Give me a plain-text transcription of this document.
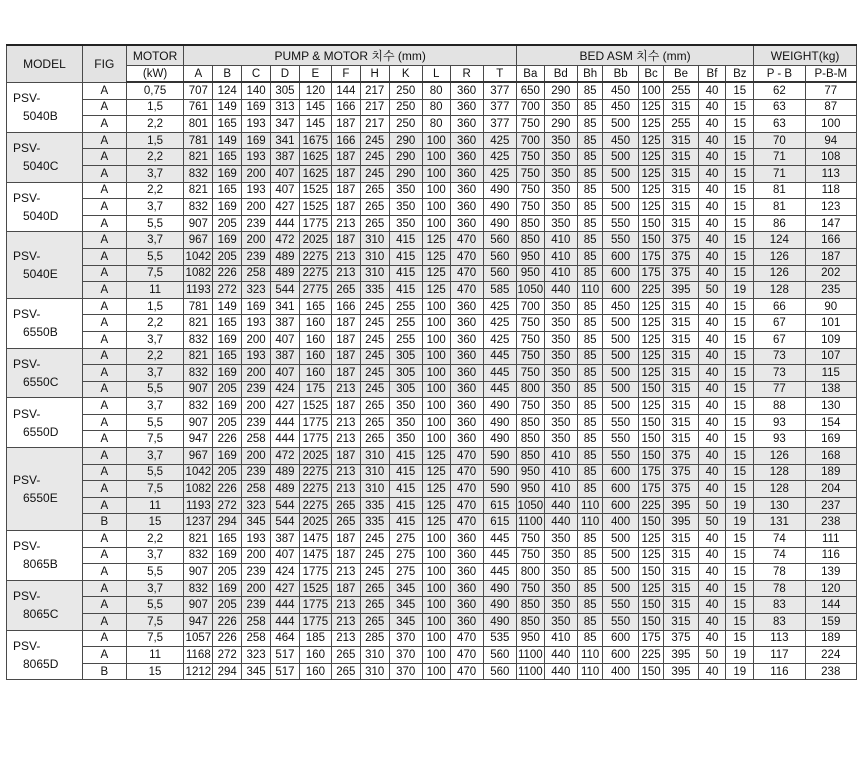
MODEL	FIG	MOTOR	PUMP & MOTOR 치수 (mm)											BED ASM 치수 (mm)								WEIGHT(kg)	
		(kW)	A	B	C	D	E	F	H	K	L	R	T	Ba	Bd	Bh	Bb	Bc	Be	Bf	Bz	P - B	P-B-M

PSV-
5040B	A	0,75	707	124	140	305	120	144	217	250	80	360	377	650	290	85	450	100	255	40	15	62	77
	A	1,5	761	149	169	313	145	166	217	250	80	360	377	700	350	85	450	125	315	40	15	63	87
	A	2,2	801	165	193	347	145	187	217	250	80	360	377	750	290	85	500	125	255	40	15	63	100

PSV-
5040C	A	1,5	781	149	169	341	1675	166	245	290	100	360	425	700	350	85	450	125	315	40	15	70	94
	A	2,2	821	165	193	387	1625	187	245	290	100	360	425	750	350	85	500	125	315	40	15	71	108
	A	3,7	832	169	200	407	1625	187	245	290	100	360	425	750	350	85	500	125	315	40	15	71	113

PSV-
5040D	A	2,2	821	165	193	407	1525	187	265	350	100	360	490	750	350	85	500	125	315	40	15	81	118
	A	3,7	832	169	200	427	1525	187	265	350	100	360	490	750	350	85	500	125	315	40	15	81	123
	A	5,5	907	205	239	444	1775	213	265	350	100	360	490	850	350	85	550	150	315	40	15	86	147

PSV-
5040E	A	3,7	967	169	200	472	2025	187	310	415	125	470	560	850	410	85	550	150	375	40	15	124	166
	A	5,5	1042	205	239	489	2275	213	310	415	125	470	560	950	410	85	600	175	375	40	15	126	187
	A	7,5	1082	226	258	489	2275	213	310	415	125	470	560	950	410	85	600	175	375	40	15	126	202
	A	11	1193	272	323	544	2775	265	335	415	125	470	585	1050	440	110	600	225	395	50	19	128	235

PSV-
6550B	A	1,5	781	149	169	341	165	166	245	255	100	360	425	700	350	85	450	125	315	40	15	66	90
	A	2,2	821	165	193	387	160	187	245	255	100	360	425	750	350	85	500	125	315	40	15	67	101
	A	3,7	832	169	200	407	160	187	245	255	100	360	425	750	350	85	500	125	315	40	15	67	109

PSV-
6550C	A	2,2	821	165	193	387	160	187	245	305	100	360	445	750	350	85	500	125	315	40	15	73	107
	A	3,7	832	169	200	407	160	187	245	305	100	360	445	750	350	85	500	125	315	40	15	73	115
	A	5,5	907	205	239	424	175	213	245	305	100	360	445	800	350	85	500	150	315	40	15	77	138

PSV-
6550D	A	3,7	832	169	200	427	1525	187	265	350	100	360	490	750	350	85	500	125	315	40	15	88	130
	A	5,5	907	205	239	444	1775	213	265	350	100	360	490	850	350	85	550	150	315	40	15	93	154
	A	7,5	947	226	258	444	1775	213	265	350	100	360	490	850	350	85	550	150	315	40	15	93	169

PSV-
6550E	A	3,7	967	169	200	472	2025	187	310	415	125	470	590	850	410	85	550	150	375	40	15	126	168
	A	5,5	1042	205	239	489	2275	213	310	415	125	470	590	950	410	85	600	175	375	40	15	128	189
	A	7,5	1082	226	258	489	2275	213	310	415	125	470	590	950	410	85	600	175	375	40	15	128	204
	A	11	1193	272	323	544	2275	265	335	415	125	470	615	1050	440	110	600	225	395	50	19	130	237
	B	15	1237	294	345	544	2025	265	335	415	125	470	615	1100	440	110	400	150	395	50	19	131	238

PSV-
8065B	A	2,2	821	165	193	387	1475	187	245	275	100	360	445	750	350	85	500	125	315	40	15	74	111
	A	3,7	832	169	200	407	1475	187	245	275	100	360	445	750	350	85	500	125	315	40	15	74	116
	A	5,5	907	205	239	424	1775	213	245	275	100	360	445	800	350	85	500	150	315	40	15	78	139

PSV-
8065C	A	3,7	832	169	200	427	1525	187	265	345	100	360	490	750	350	85	500	125	315	40	15	78	120
	A	5,5	907	205	239	444	1775	213	265	345	100	360	490	850	350	85	550	150	315	40	15	83	144
	A	7,5	947	226	258	444	1775	213	265	345	100	360	490	850	350	85	550	150	315	40	15	83	159

PSV-
8065D	A	7,5	1057	226	258	464	185	213	285	370	100	470	535	950	410	85	600	175	375	40	15	113	189
	A	11	1168	272	323	517	160	265	310	370	100	470	560	1100	440	110	600	225	395	50	19	117	224
	B	15	1212	294	345	517	160	265	310	370	100	470	560	1100	440	110	400	150	395	40	19	116	238
